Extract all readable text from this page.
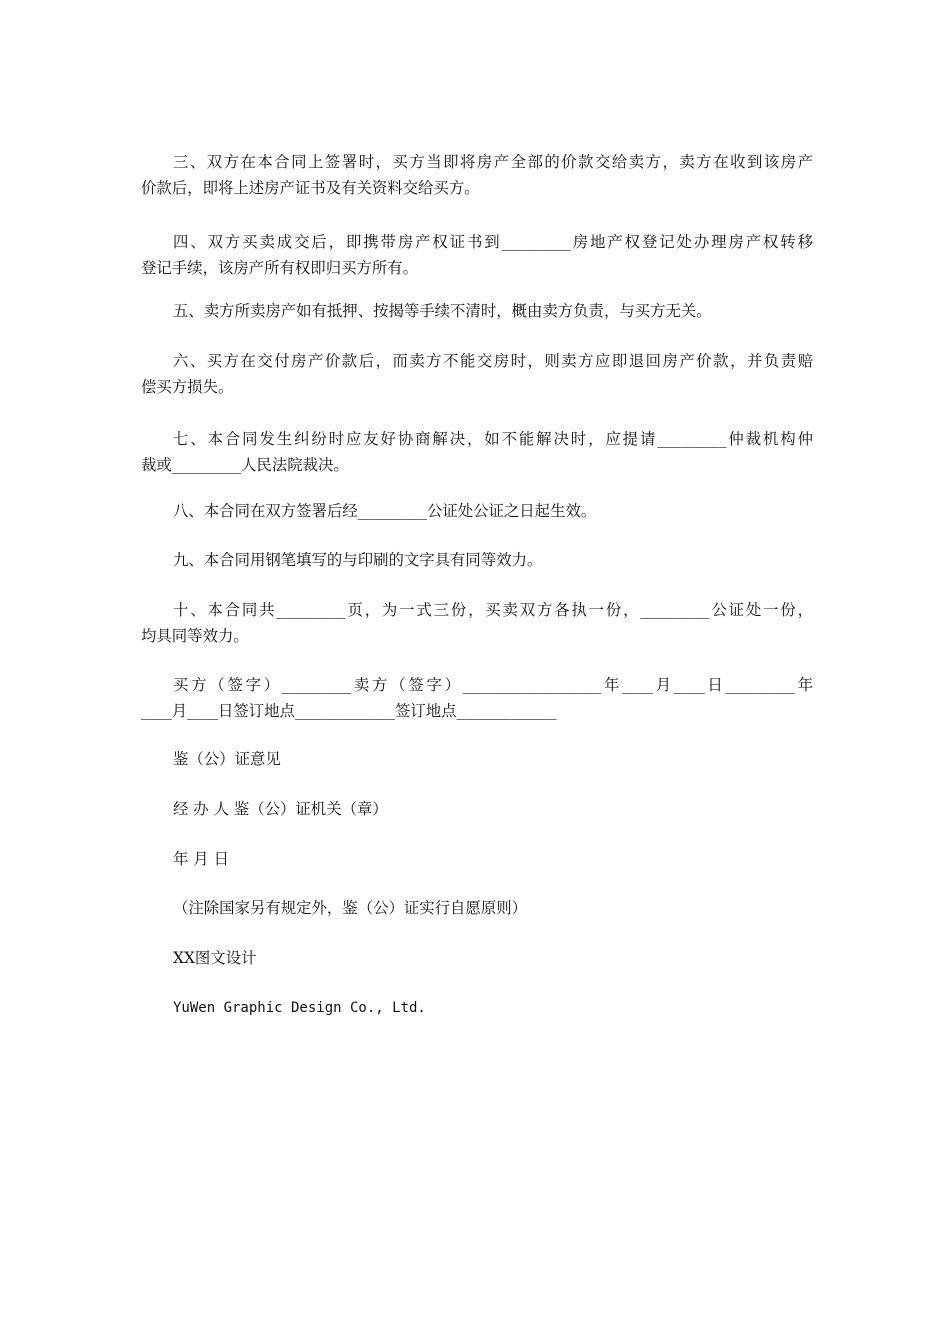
三、双方在本合同上签署时，买方当即将房产全部的价款交给卖方，卖方在收到该房产
价款后，即将上述房产证书及有关资料交给买方。
四、双方买卖成交后，即携带房产权证书到_________房地产权登记处办理房产权转移
登记手续，该房产所有权即归买方所有。
五、卖方所卖房产如有抵押、按揭等手续不清时，概由卖方负责，与买方无关。
六、买方在交付房产价款后，而卖方不能交房时，则卖方应即退回房产价款，并负责赔
偿买方损失。
七、本合同发生纠纷时应友好协商解决，如不能解决时，应提请_________仲裁机构仲
裁或_________人民法院裁决。
八、本合同在双方签署后经_________公证处公证之日起生效。
九、本合同用钢笔填写的与印刷的文字具有同等效力。
十、本合同共_________页，为一式三份，买卖双方各执一份，_________公证处一份，
均具同等效力。
买方（签字）_________卖方（签字）__________________年____月____日_________年
____月____日签订地点_____________签订地点_____________
鉴（公）证意见
经 办 人 鉴（公）证机关（章）
年 月 日
（注除国家另有规定外，鉴（公）证实行自愿原则）
XX图文设计
YuWen Graphic Design Co., Ltd.
